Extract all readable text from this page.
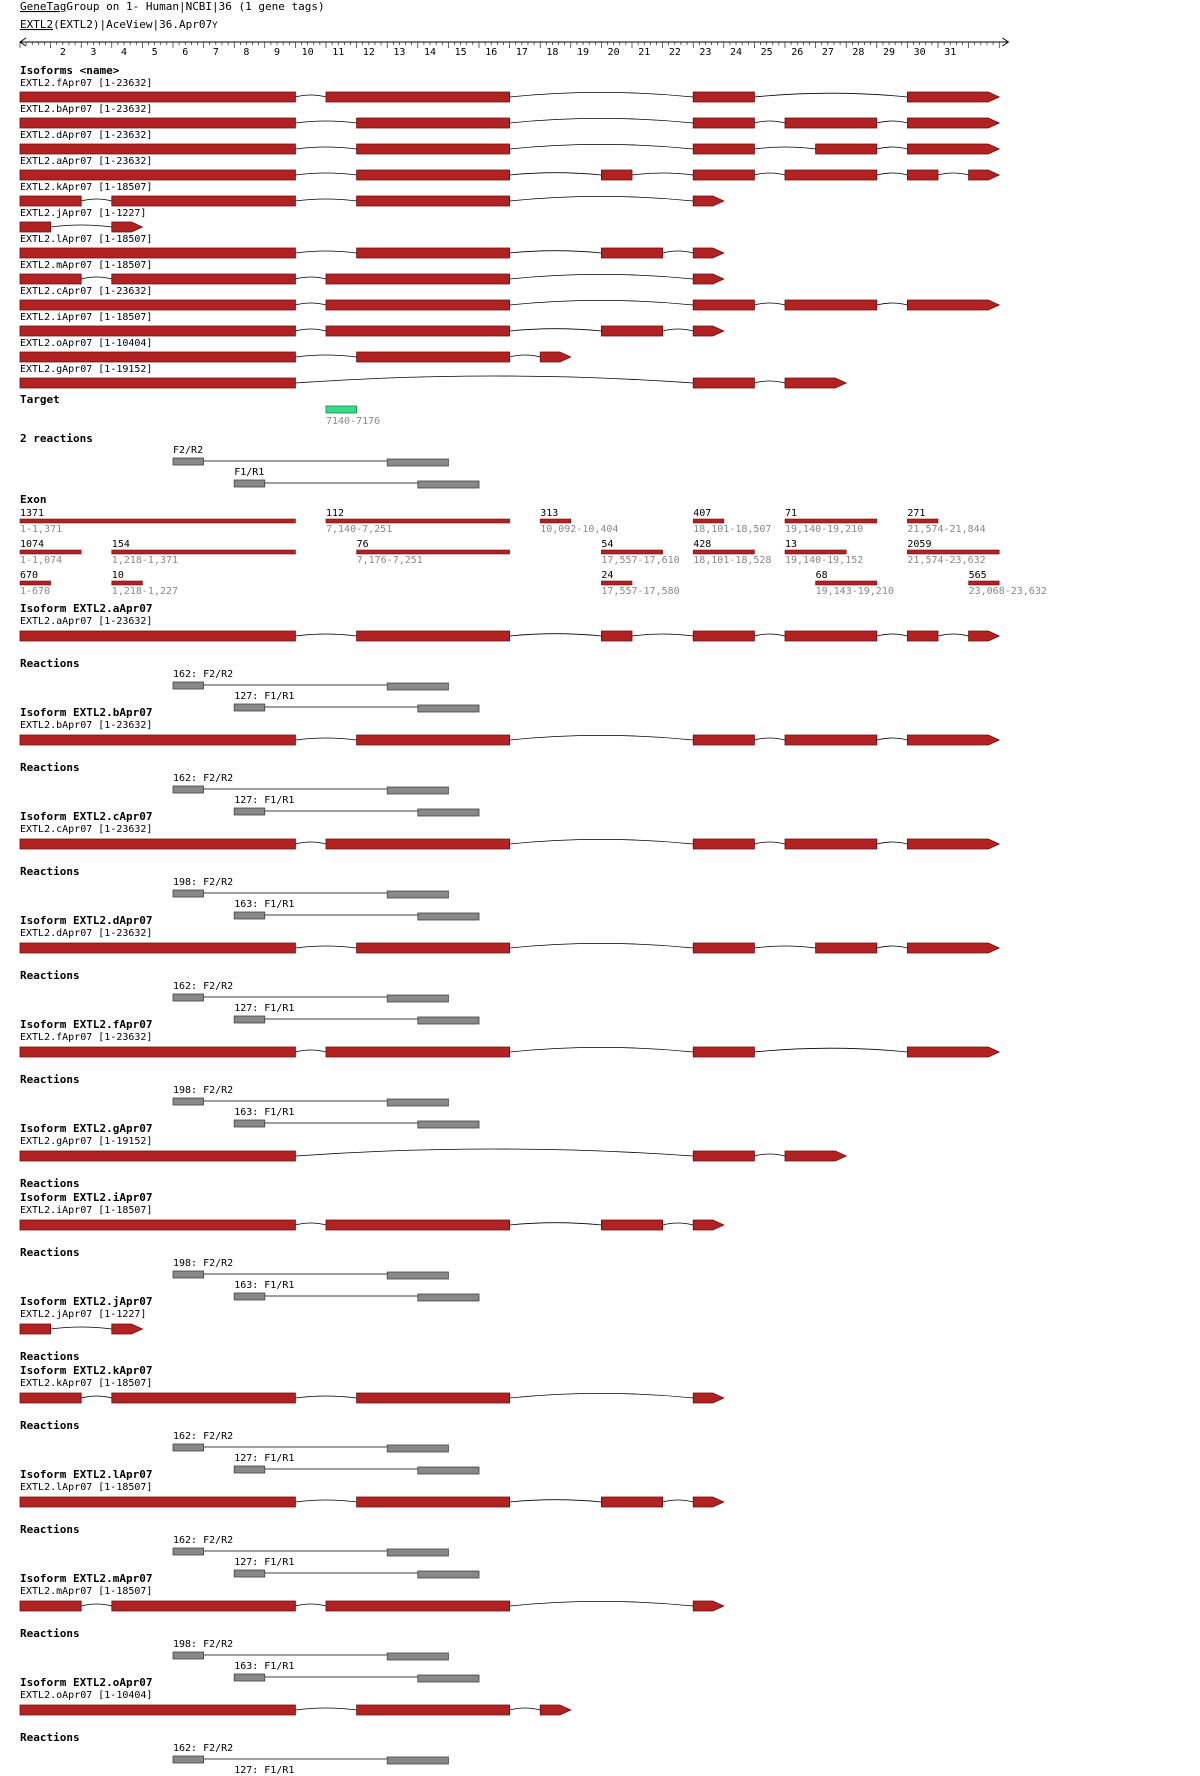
GeneTagGroup on 1- Human|NCBI|36 (1 gene tags)
EXTL2(EXTL2)|AceView|36.Apr07Y
2 3 4 5 6 7 8 9 10 11 12 13 14 15 16 17 18 19 20 21 22 23 24 25 26 27 28 29 30 31
Isoforms <name>
EXTL2.fApr07 [1-23632]
EXTL2.bApr07 [1-23632]
EXTL2.dApr07 [1-23632]
EXTL2.aApr07 [1-23632]
EXTL2.kApr07 [1-18507]
EXTL2.jApr07 [1-1227]
EXTL2.lApr07 [1-18507]
EXTL2.mApr07 [1-18507]
EXTL2.cApr07 [1-23632]
EXTL2.iApr07 [1-18507]
EXTL2.oApr07 [1-10404]
EXTL2.gApr07 [1-19152]
Target
7140-7176
2 reactions
F2/R2
F1/R1
Exon
1371
1-1,371
112
7,140-7,251
313
10,092-10,404
407
18,101-18,507
71
19,140-19,210
271
21,574-21,844
1074
1-1,074
154
1,218-1,371
76
7,176-7,251
54
17,557-17,610
428
18,101-18,528
13
19,140-19,152
2059
21,574-23,632
670
1-670
10
1,218-1,227
24
17,557-17,580
68
19,143-19,210
565
23,068-23,632
Isoform EXTL2.aApr07
EXTL2.aApr07 [1-23632]
Reactions
162: F2/R2
127: F1/R1
Isoform EXTL2.bApr07
EXTL2.bApr07 [1-23632]
Reactions
162: F2/R2
127: F1/R1
Isoform EXTL2.cApr07
EXTL2.cApr07 [1-23632]
Reactions
198: F2/R2
163: F1/R1
Isoform EXTL2.dApr07
EXTL2.dApr07 [1-23632]
Reactions
162: F2/R2
127: F1/R1
Isoform EXTL2.fApr07
EXTL2.fApr07 [1-23632]
Reactions
198: F2/R2
163: F1/R1
Isoform EXTL2.gApr07
EXTL2.gApr07 [1-19152]
Reactions
Isoform EXTL2.iApr07
EXTL2.iApr07 [1-18507]
Reactions
198: F2/R2
163: F1/R1
Isoform EXTL2.jApr07
EXTL2.jApr07 [1-1227]
Reactions
Isoform EXTL2.kApr07
EXTL2.kApr07 [1-18507]
Reactions
162: F2/R2
127: F1/R1
Isoform EXTL2.lApr07
EXTL2.lApr07 [1-18507]
Reactions
162: F2/R2
127: F1/R1
Isoform EXTL2.mApr07
EXTL2.mApr07 [1-18507]
Reactions
198: F2/R2
163: F1/R1
Isoform EXTL2.oApr07
EXTL2.oApr07 [1-10404]
Reactions
162: F2/R2
127: F1/R1
